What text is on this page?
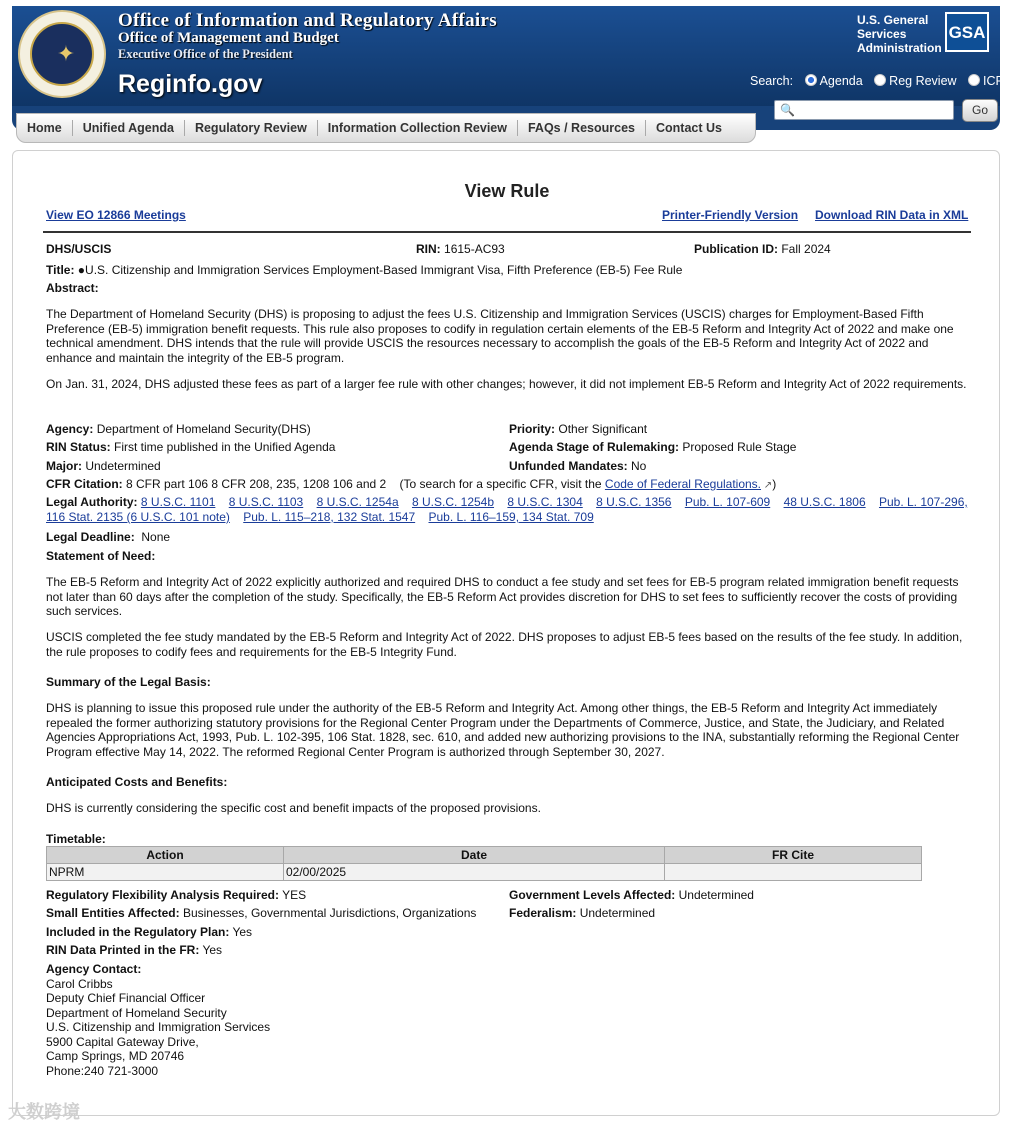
✦
Office of Information and Regulatory Affairs
Office of Management and Budget
Executive Office of the President
Reginfo.gov
U.S. General
Services
Administration
GSA
Search: Agenda Reg Review ICR
🔍	Go
Home	Unified Agenda	Regulatory Review	Information Collection Review	FAQs / Resources	Contact Us
View Rule
View EO 12866 Meetings	Printer-Friendly Version Download RIN Data in XML
DHS/USCIS	RIN: 1615-AC93	Publication ID: Fall 2024
Title: ●U.S. Citizenship and Immigration Services Employment-Based Immigrant Visa, Fifth Preference (EB-5) Fee Rule
Abstract:
The Department of Homeland Security (DHS) is proposing to adjust the fees U.S. Citizenship and Immigration Services (USCIS) charges for Employment-Based Fifth Preference (EB-5) immigration benefit requests. This rule also proposes to codify in regulation certain elements of the EB-5 Reform and Integrity Act of 2022 and make one technical amendment. DHS intends that the rule will provide USCIS the resources necessary to accomplish the goals of the EB-5 Reform and Integrity Act of 2022 and enhance and maintain the integrity of the EB-5 program.
On Jan. 31, 2024, DHS adjusted these fees as part of a larger fee rule with other changes; however, it did not implement EB-5 Reform and Integrity Act of 2022 requirements.
Agency: Department of Homeland Security(DHS)	Priority: Other Significant
RIN Status: First time published in the Unified Agenda	Agenda Stage of Rulemaking: Proposed Rule Stage
Major: Undetermined	Unfunded Mandates: No
CFR Citation: 8 CFR part 106 8 CFR 208, 235, 1208 106 and 2 (To search for a specific CFR, visit the Code of Federal Regulations. ↗)
Legal Authority: 8 U.S.C. 1101 8 U.S.C. 1103 8 U.S.C. 1254a 8 U.S.C. 1254b 8 U.S.C. 1304 8 U.S.C. 1356 Pub. L. 107-609 48 U.S.C. 1806 Pub. L. 107-296,
116 Stat. 2135 (6 U.S.C. 101 note) Pub. L. 115–218, 132 Stat. 1547 Pub. L. 116–159, 134 Stat. 709
Legal Deadline: None
Statement of Need:
The EB-5 Reform and Integrity Act of 2022 explicitly authorized and required DHS to conduct a fee study and set fees for EB-5 program related immigration benefit requests not later than 60 days after the completion of the study. Specifically, the EB-5 Reform Act provides discretion for DHS to set fees to sufficiently recover the costs of providing such services.
USCIS completed the fee study mandated by the EB-5 Reform and Integrity Act of 2022. DHS proposes to adjust EB-5 fees based on the results of the fee study. In addition, the rule proposes to codify fees and requirements for the EB-5 Integrity Fund.
Summary of the Legal Basis:
DHS is planning to issue this proposed rule under the authority of the EB-5 Reform and Integrity Act. Among other things, the EB-5 Reform and Integrity Act immediately repealed the former authorizing statutory provisions for the Regional Center Program under the Departments of Commerce, Justice, and State, the Judiciary, and Related Agencies Appropriations Act, 1993, Pub. L. 102-395, 106 Stat. 1828, sec. 610, and added new authorizing provisions to the INA, substantially reforming the Regional Center Program effective May 14, 2022. The reformed Regional Center Program is authorized through September 30, 2027.
Anticipated Costs and Benefits:
DHS is currently considering the specific cost and benefit impacts of the proposed provisions.
Timetable:
Action	Date	FR Cite
NPRM	02/00/2025	
Regulatory Flexibility Analysis Required: YES	Government Levels Affected: Undetermined
Small Entities Affected: Businesses, Governmental Jurisdictions, Organizations	Federalism: Undetermined
Included in the Regulatory Plan: Yes
RIN Data Printed in the FR: Yes
Agency Contact:
Carol Cribbs
Deputy Chief Financial Officer
Department of Homeland Security
U.S. Citizenship and Immigration Services
5900 Capital Gateway Drive,
Camp Springs, MD 20746
Phone:240 721-3000
大数跨境
